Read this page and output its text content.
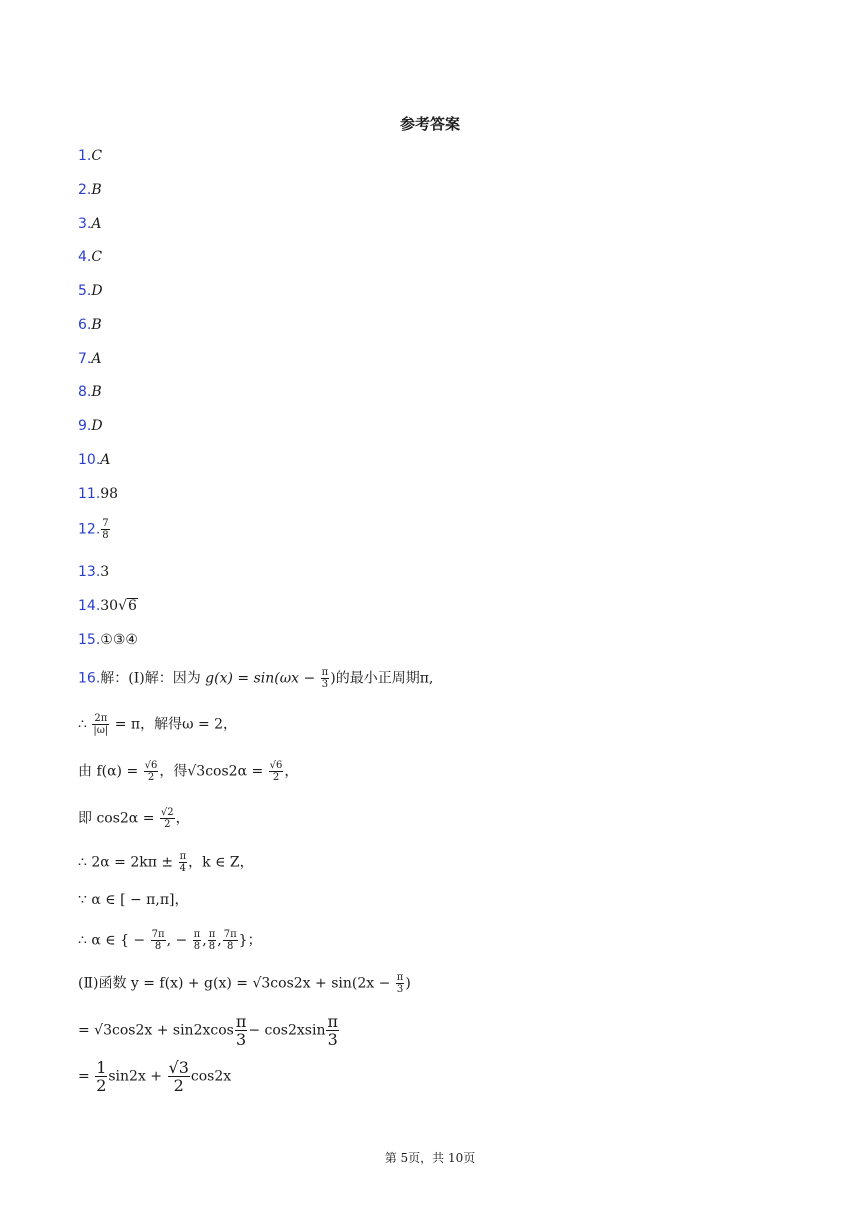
参考答案
1.C
2.B
3.A
4.C
5.D
6.B
7.A
8.B
9.D
10.A
11.98
12. $\frac{7}{8}$
13.3
14.30√6
15.①③④
16.解：(Ⅰ)解：因为 $g(x) = \sin(\omega x - \frac{\pi}{3}$ )的最小正周期π,
∴ $\frac{2\pi}{|\omega|} = \pi$，解得ω = 2，
由 $f(\alpha) = \frac{√6}{2}$ ，得$√3\cos 2\alpha = \frac{√6}{2}$ ，
即 $\cos 2\alpha = \frac{√2}{2}$ ，
∴ $2\alpha = 2k\pi \pm \frac{\pi}{4}$ ，k ∈ Z，
∵ α ∈ [ − π,π]，
∴ α ∈ { − $\frac{7\pi}{8}$ , − $\frac{\pi}{8}$ , $\frac{\pi}{8}$ , $\frac{7\pi}{8}$ }；
(Ⅱ)函数 $y = f(x) + g(x) = √3\cos 2x + \sin(2x - \frac{\pi}{3}$ )
= $√3\cos 2x + \sin 2xcos \frac{\pi}{3} - \cos 2xsin \frac{\pi}{3}$
= $\frac{1}{2} \sin 2x + \frac{√3}{2} \cos 2x$
第 5页，共 10页
